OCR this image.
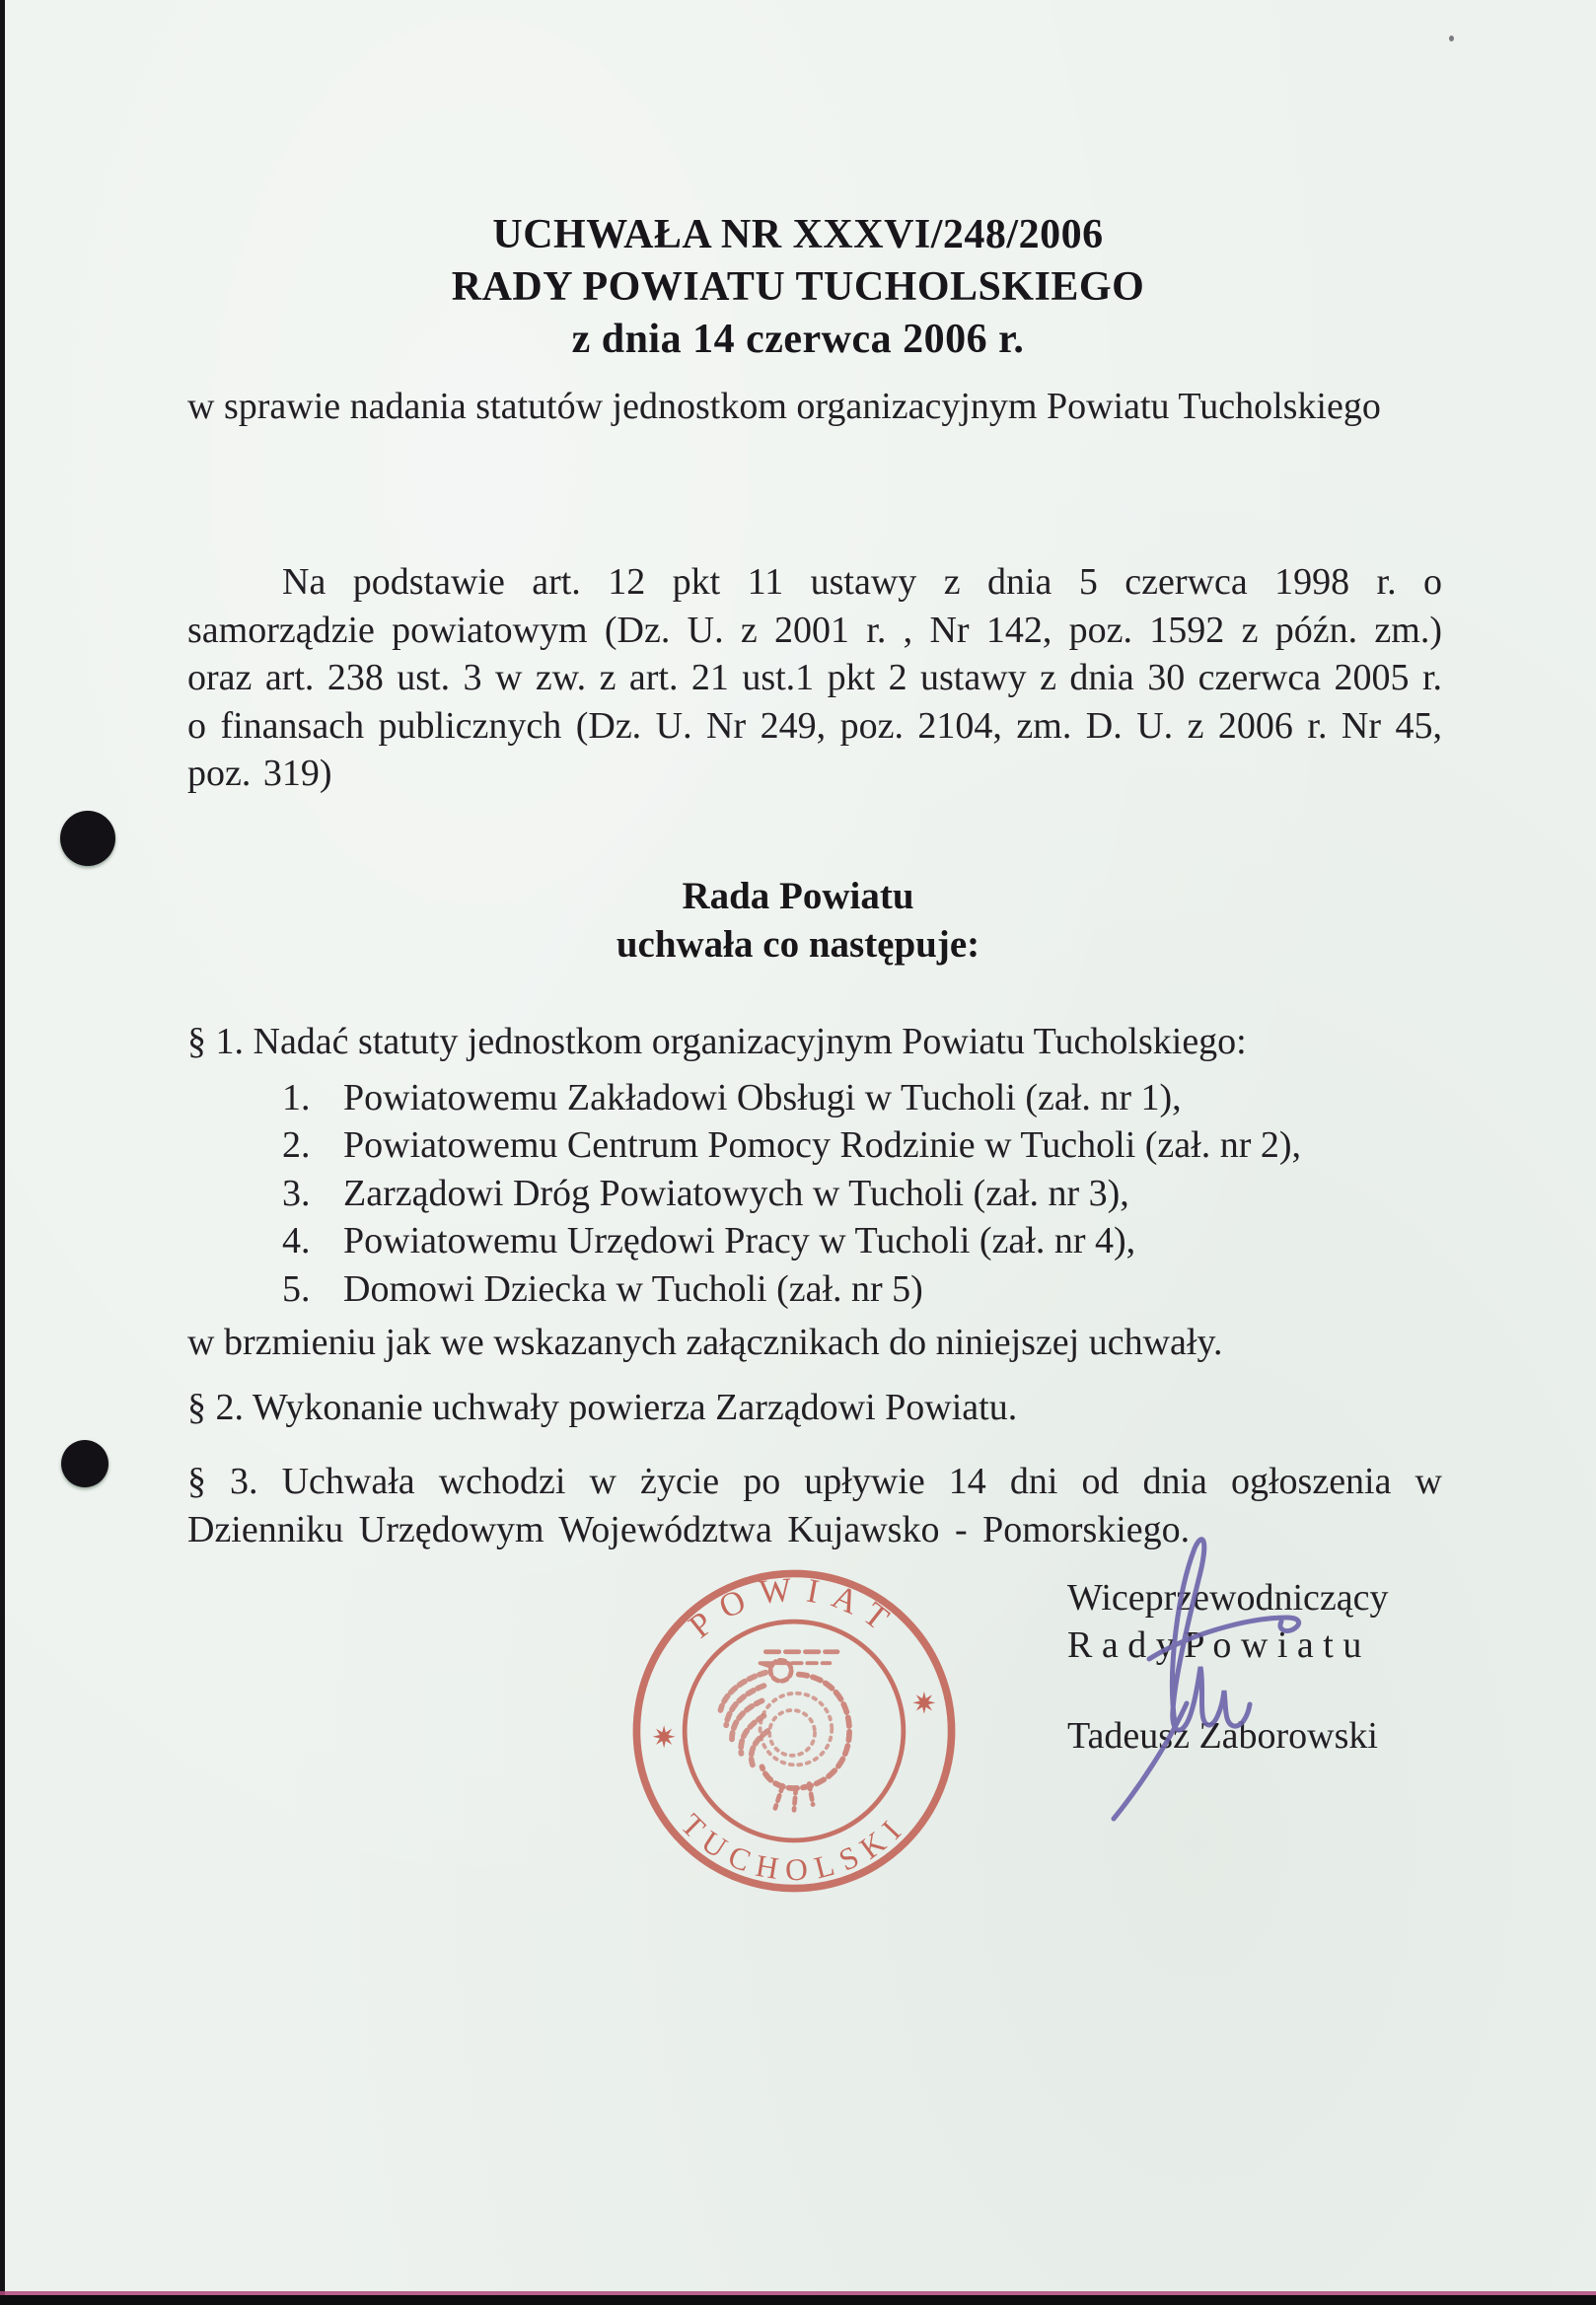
UCHWAŁA NR XXXVI/248/2006
RADY POWIATU TUCHOLSKIEGO
z dnia 14 czerwca 2006 r.
w sprawie nadania statutów jednostkom organizacyjnym Powiatu Tucholskiego

Na podstawie art. 12 pkt 11 ustawy z dnia 5 czerwca 1998 r. o samorządzie powiatowym (Dz. U. z 2001 r. , Nr 142, poz. 1592 z późn. zm.) oraz art. 238 ust. 3 w zw. z art. 21 ust.1 pkt 2 ustawy z dnia 30 czerwca 2005 r. o finansach publicznych (Dz. U. Nr 249, poz. 2104, zm. D. U. z 2006 r. Nr 45, poz. 319)

Rada Powiatu
uchwała co następuje:
§ 1. Nadać statuty jednostkom organizacyjnym Powiatu Tucholskiego:
1. Powiatowemu Zakładowi Obsługi w Tucholi (zał. nr 1),
2. Powiatowemu Centrum Pomocy Rodzinie w Tucholi (zał. nr 2),
3. Zarządowi Dróg Powiatowych w Tucholi (zał. nr 3),
4. Powiatowemu Urzędowi Pracy w Tucholi (zał. nr 4),
5. Domowi Dziecka w Tucholi (zał. nr 5)
w brzmieniu jak we wskazanych załącznikach do niniejszej uchwały.

§ 2. Wykonanie uchwały powierza Zarządowi Powiatu.

§ 3. Uchwała wchodzi w życie po upływie 14 dni od dnia ogłoszenia w Dzienniku Urzędowym Województwa Kujawsko - Pomorskiego.

Wiceprzewodniczący
R a d y P o w i a t u
Tadeusz Zaborowski
POWIAT
TUCHOLSKI
